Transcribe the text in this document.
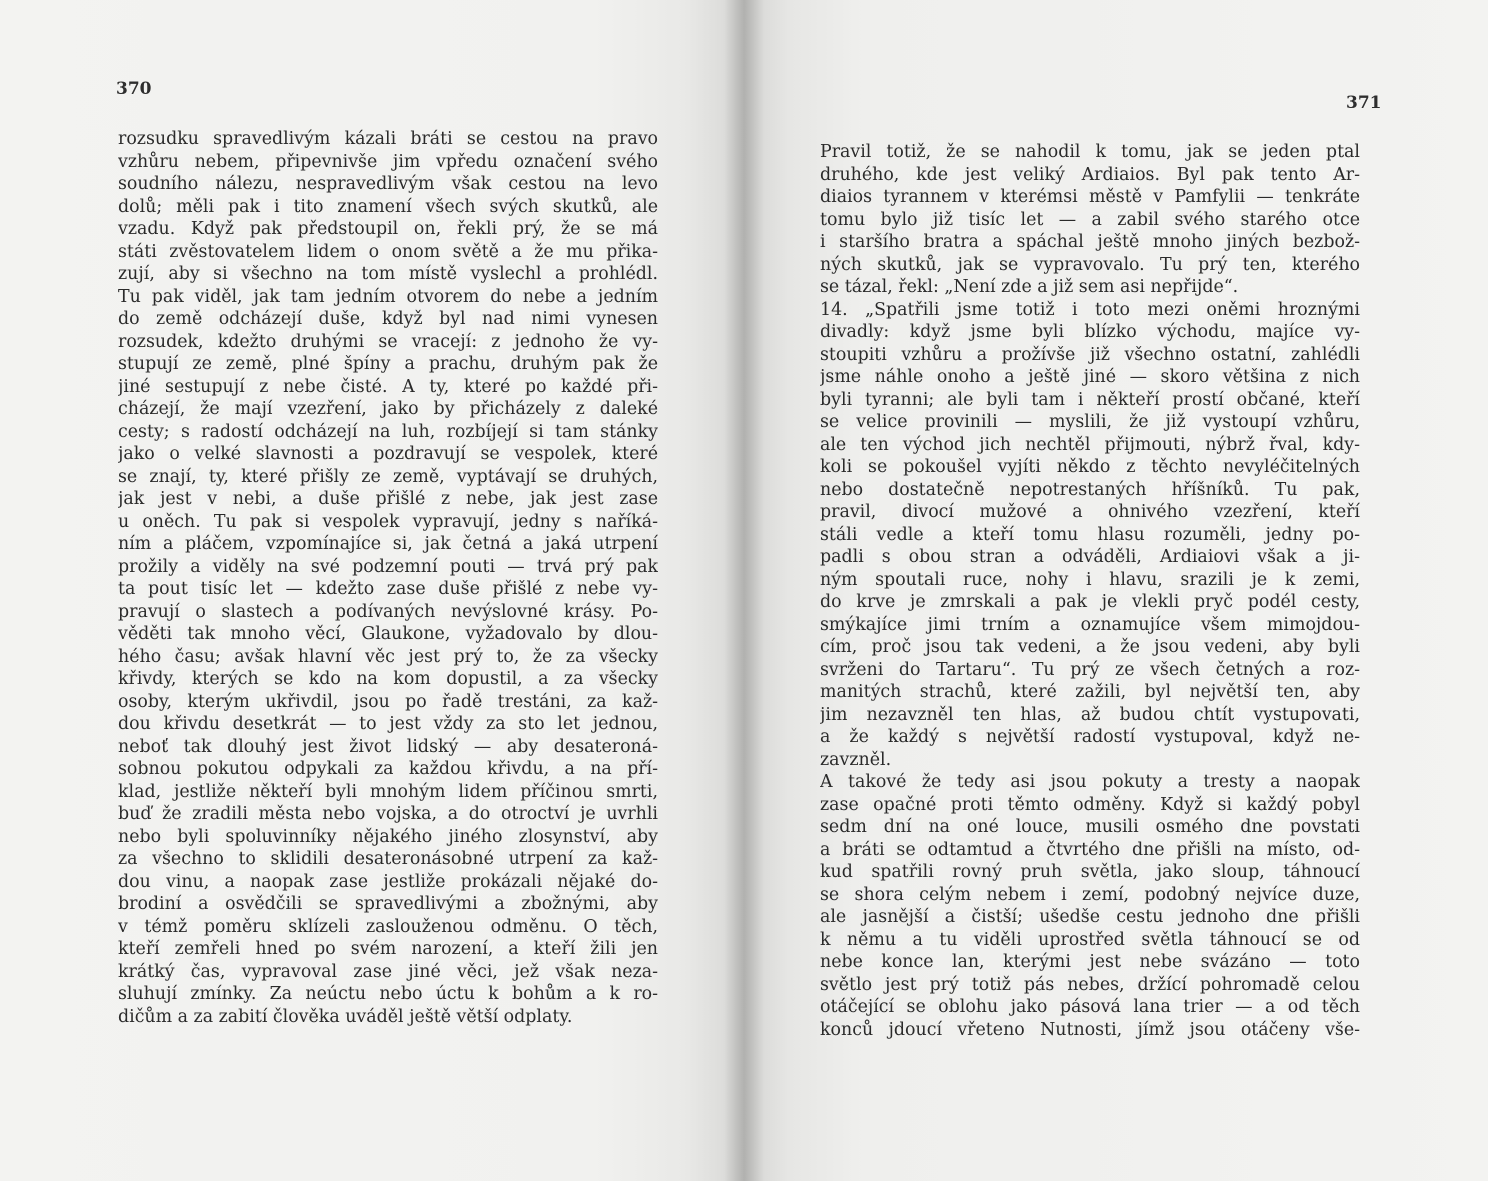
370
rozsudku spravedlivým kázali bráti se cestou na pravo
vzhůru nebem, připevnivše jim vpředu označení svého
soudního nálezu, nespravedlivým však cestou na levo
dolů; měli pak i tito znamení všech svých skutků, ale
vzadu. Když pak předstoupil on, řekli prý, že se má
státi zvěstovatelem lidem o onom světě a že mu přika-
zují, aby si všechno na tom místě vyslechl a prohlédl.
Tu pak viděl, jak tam jedním otvorem do nebe a jedním
do země odcházejí duše, když byl nad nimi vynesen
rozsudek, kdežto druhými se vracejí: z jednoho že vy-
stupují ze země, plné špíny a prachu, druhým pak že
jiné sestupují z nebe čisté. A ty, které po každé při-
cházejí, že mají vzezření, jako by přicházely z daleké
cesty; s radostí odcházejí na luh, rozbíjejí si tam stánky
jako o velké slavnosti a pozdravují se vespolek, které
se znají, ty, které přišly ze země, vyptávají se druhých,
jak jest v nebi, a duše přišlé z nebe, jak jest zase
u oněch. Tu pak si vespolek vypravují, jedny s naříká-
ním a pláčem, vzpomínajíce si, jak četná a jaká utrpení
prožily a viděly na své podzemní pouti — trvá prý pak
ta pout tisíc let — kdežto zase duše přišlé z nebe vy-
pravují o slastech a podívaných nevýslovné krásy. Po-
věděti tak mnoho věcí, Glaukone, vyžadovalo by dlou-
hého času; avšak hlavní věc jest prý to, že za všecky
křivdy, kterých se kdo na kom dopustil, a za všecky
osoby, kterým ukřivdil, jsou po řadě trestáni, za kaž-
dou křivdu desetkrát — to jest vždy za sto let jednou,
neboť tak dlouhý jest život lidský — aby desateroná-
sobnou pokutou odpykali za každou křivdu, a na pří-
klad, jestliže někteří byli mnohým lidem příčinou smrti,
buď že zradili města nebo vojska, a do otroctví je uvrhli
nebo byli spoluvinníky nějakého jiného zlosynství, aby
za všechno to sklidili desateronásobné utrpení za kaž-
dou vinu, a naopak zase jestliže prokázali nějaké do-
brodiní a osvědčili se spravedlivými a zbožnými, aby
v témž poměru sklízeli zaslouženou odměnu. O těch,
kteří zemřeli hned po svém narození, a kteří žili jen
krátký čas, vypravoval zase jiné věci, jež však neza-
sluhují zmínky. Za neúctu nebo úctu k bohům a k ro-
dičům a za zabití člověka uváděl ještě větší odplaty.
371
Pravil totiž, že se nahodil k tomu, jak se jeden ptal
druhého, kde jest veliký Ardiaios. Byl pak tento Ar-
diaios tyrannem v kterémsi městě v Pamfylii — tenkráte
tomu bylo již tisíc let — a zabil svého starého otce
i staršího bratra a spáchal ještě mnoho jiných bezbož-
ných skutků, jak se vypravovalo. Tu prý ten, kterého
se tázal, řekl: „Není zde a již sem asi nepřijde“.
14. „Spatřili jsme totiž i toto mezi oněmi hroznými
divadly: když jsme byli blízko východu, majíce vy-
stoupiti vzhůru a prožívše již všechno ostatní, zahlédli
jsme náhle onoho a ještě jiné — skoro většina z nich
byli tyranni; ale byli tam i někteří prostí občané, kteří
se velice provinili — myslili, že již vystoupí vzhůru,
ale ten východ jich nechtěl přijmouti, nýbrž řval, kdy-
koli se pokoušel vyjíti někdo z těchto nevyléčitelných
nebo dostatečně nepotrestaných hříšníků. Tu pak,
pravil, divocí mužové a ohnivého vzezření, kteří
stáli vedle a kteří tomu hlasu rozuměli, jedny po-
padli s obou stran a odváděli, Ardiaiovi však a ji-
ným spoutali ruce, nohy i hlavu, srazili je k zemi,
do krve je zmrskali a pak je vlekli pryč podél cesty,
smýkajíce jimi trním a oznamujíce všem mimojdou-
cím, proč jsou tak vedeni, a že jsou vedeni, aby byli
svrženi do Tartaru“. Tu prý ze všech četných a roz-
manitých strachů, které zažili, byl největší ten, aby
jim nezavzněl ten hlas, až budou chtít vystupovati,
a že každý s největší radostí vystupoval, když ne-
zavzněl.
A takové že tedy asi jsou pokuty a tresty a naopak
zase opačné proti těmto odměny. Když si každý pobyl
sedm dní na oné louce, musili osmého dne povstati
a bráti se odtamtud a čtvrtého dne přišli na místo, od-
kud spatřili rovný pruh světla, jako sloup, táhnoucí
se shora celým nebem i zemí, podobný nejvíce duze,
ale jasnější a čistší; ušedše cestu jednoho dne přišli
k němu a tu viděli uprostřed světla táhnoucí se od
nebe konce lan, kterými jest nebe svázáno — toto
světlo jest prý totiž pás nebes, držící pohromadě celou
otáčející se oblohu jako pásová lana trier — a od těch
konců jdoucí vřeteno Nutnosti, jímž jsou otáčeny vše-
